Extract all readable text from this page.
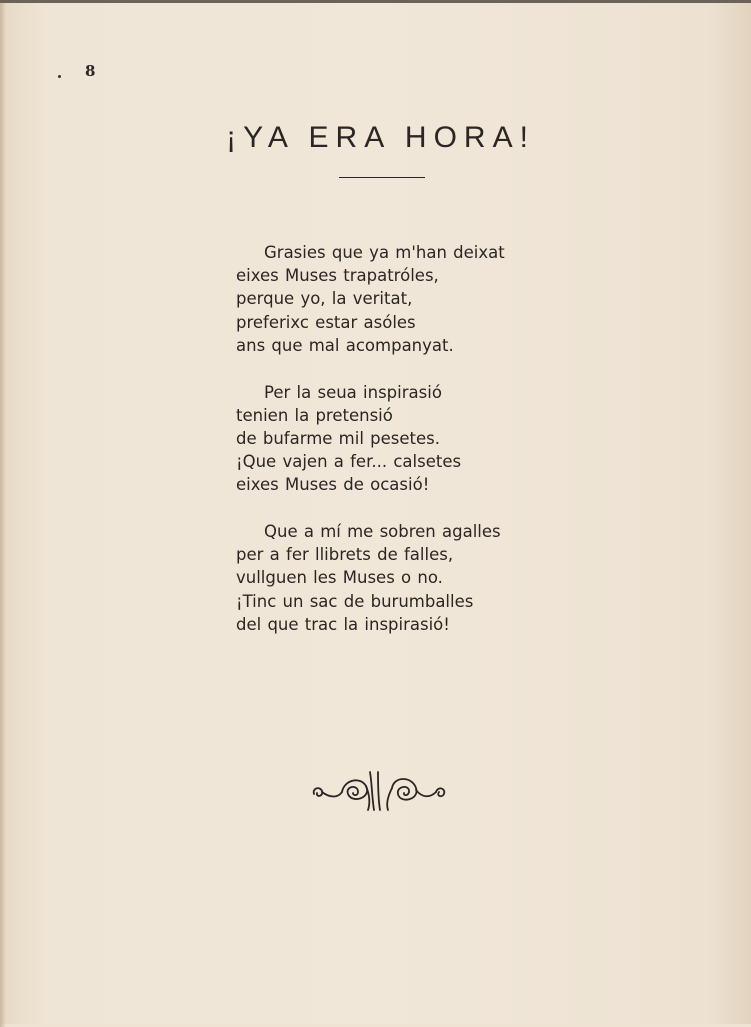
8
¡YA ERA HORA!
Grasies que ya m'han deixat
eixes Muses trapatróles,
perque yo, la veritat,
preferixc estar asóles
ans que mal acompanyat.
Per la seua inspirasió
tenien la pretensió
de bufarme mil pesetes.
¡Que vajen a fer... calsetes
eixes Muses de ocasió!
Que a mí me sobren agalles
per a fer llibrets de falles,
vullguen les Muses o no.
¡Tinc un sac de burumballes
del que trac la inspirasió!
